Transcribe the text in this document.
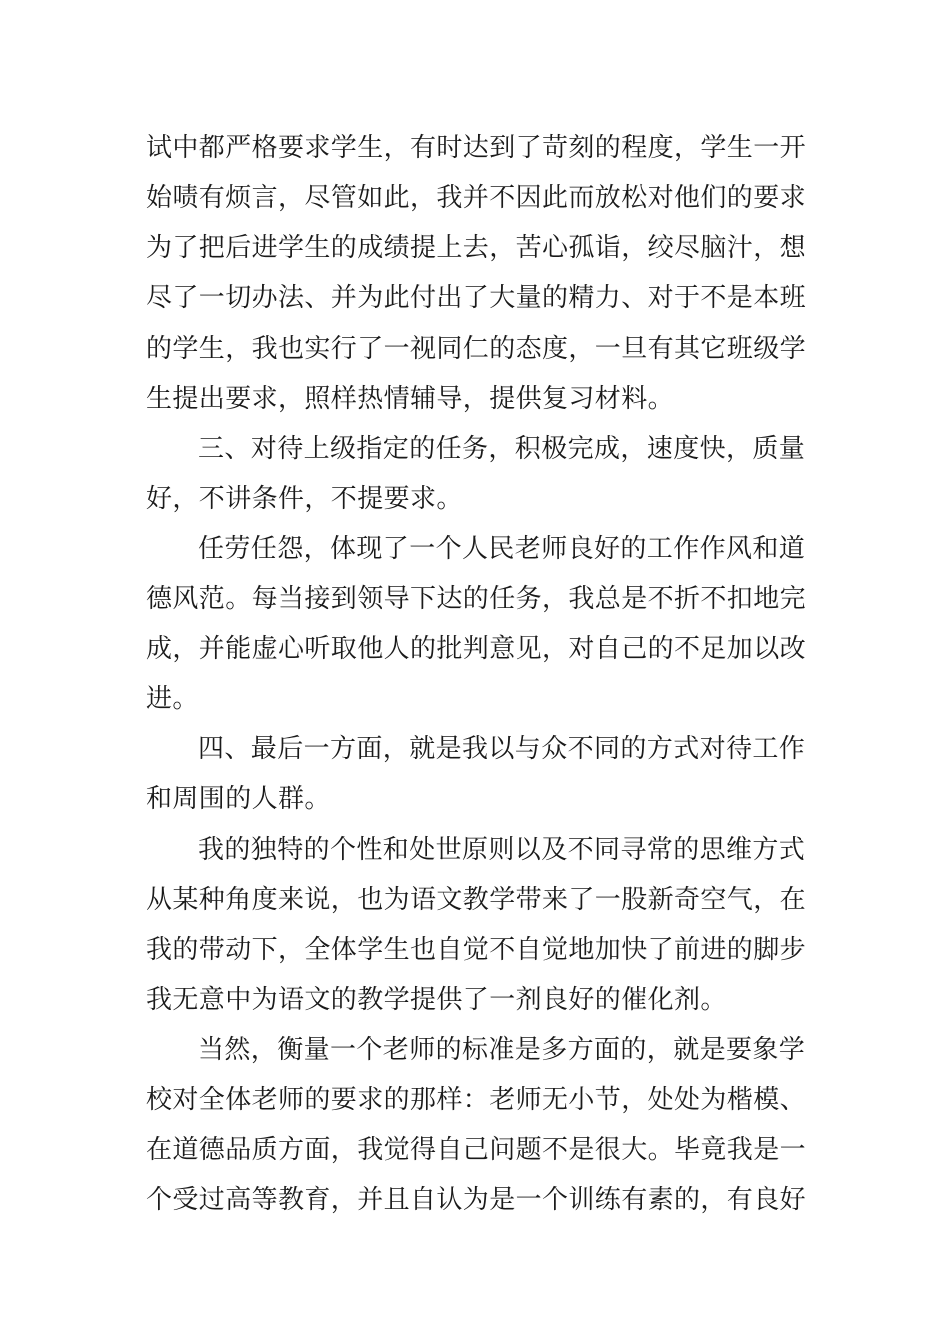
试中都严格要求学生，有时达到了苛刻的程度，学生一开
始啧有烦言，尽管如此，我并不因此而放松对他们的要求
为了把后进学生的成绩提上去，苦心孤诣，绞尽脑汁，想
尽了一切办法、并为此付出了大量的精力、对于不是本班
的学生，我也实行了一视同仁的态度，一旦有其它班级学
生提出要求，照样热情辅导，提供复习材料。
三、对待上级指定的任务，积极完成，速度快，质量
好，不讲条件，不提要求。
任劳任怨，体现了一个人民老师良好的工作作风和道
德风范。每当接到领导下达的任务，我总是不折不扣地完
成，并能虚心听取他人的批判意见，对自己的不足加以改
进。
四、最后一方面，就是我以与众不同的方式对待工作
和周围的人群。
我的独特的个性和处世原则以及不同寻常的思维方式
从某种角度来说，也为语文教学带来了一股新奇空气，在
我的带动下，全体学生也自觉不自觉地加快了前进的脚步
我无意中为语文的教学提供了一剂良好的催化剂。
当然，衡量一个老师的标准是多方面的，就是要象学
校对全体老师的要求的那样：老师无小节，处处为楷模、
在道德品质方面，我觉得自己问题不是很大。毕竟我是一
个受过高等教育，并且自认为是一个训练有素的，有良好
